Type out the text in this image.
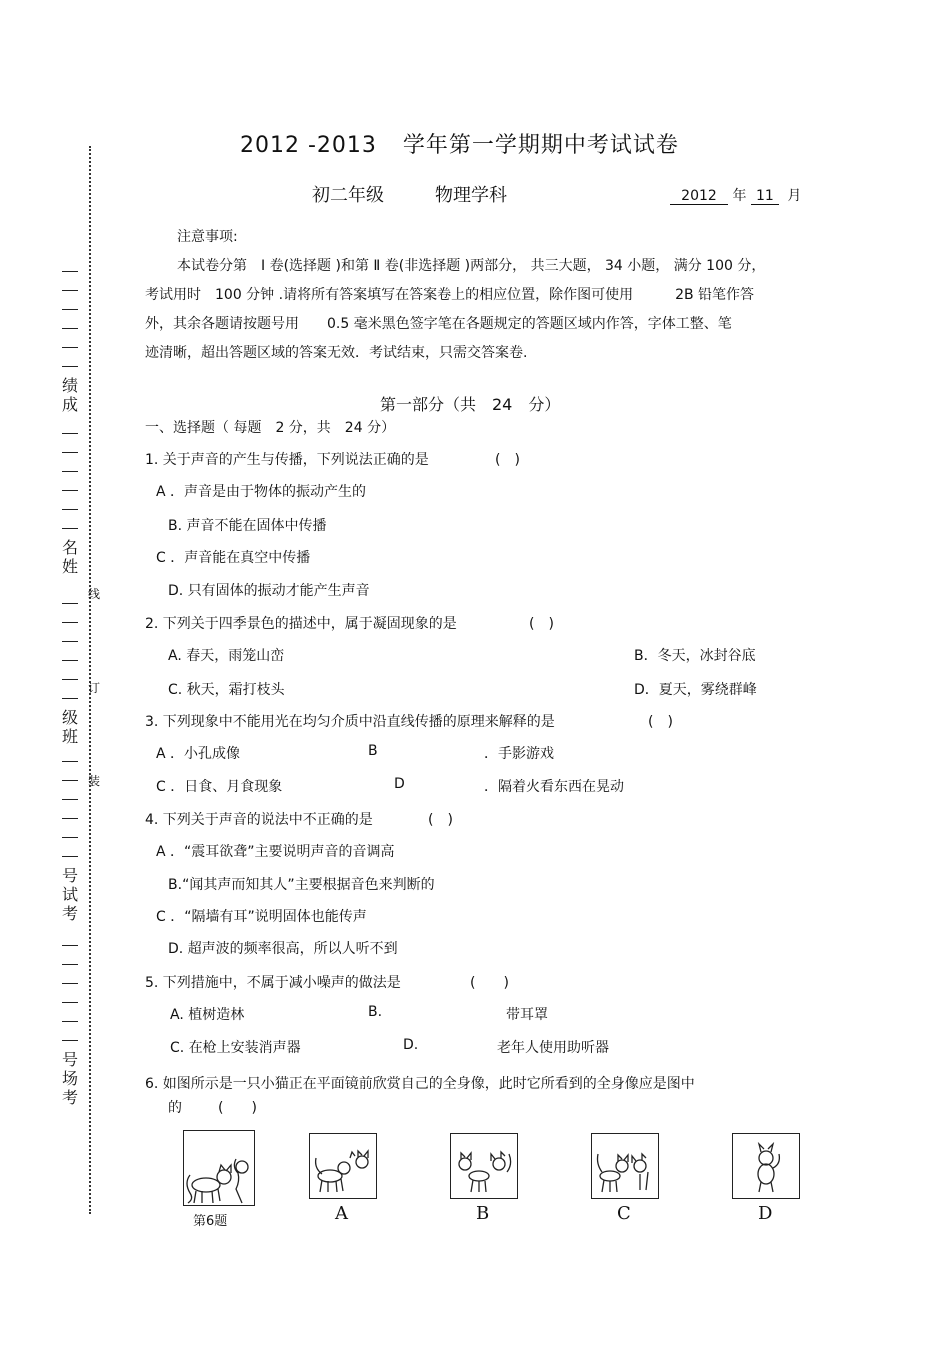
绩
成
名
姓
级
班
号
试
考
号
场
考
线
订
装
2012 -2013 学年第一学期期中考试试卷
初二年级	物理学科	2012 年 11 月
注意事项:
本试卷分第　Ⅰ 卷(选择题 )和第 Ⅱ 卷(非选择题 )两部分， 共三大题， 34 小题， 满分 100 分，
考试用时　100 分钟 .请将所有答案填写在答案卷上的相应位置，除作图可使用　　　2B 铅笔作答
外，其余各题请按题号用　　0.5 毫米黑色签字笔在各题规定的答题区域内作答，字体工整、笔
迹清晰，超出答题区域的答案无效．考试结束，只需交答案卷.
第一部分（共　24　分）
一、选择题（ 每题　2 分，共　24 分）
1. 关于声音的产生与传播，下列说法正确的是	(　)
A ．声音是由于物体的振动产生的
B. 声音不能在固体中传播
C ．声音能在真空中传播
D. 只有固体的振动才能产生声音
2. 下列关于四季景色的描述中，属于凝固现象的是	(　)
A. 春天，雨笼山峦	B．冬天，冰封谷底
C. 秋天，霜打枝头	D．夏天，雾绕群峰
3. 下列现象中不能用光在均匀介质中沿直线传播的原理来解释的是	(　)
A ．小孔成像	B	．手影游戏
C ．日食、月食现象	D	．隔着火看东西在晃动
4. 下列关于声音的说法中不正确的是	(　)
A ．“震耳欲聋”主要说明声音的音调高
B.“闻其声而知其人”主要根据音色来判断的
C ．“隔墙有耳”说明固体也能传声
D. 超声波的频率很高，所以人听不到
5. 下列措施中，不属于减小噪声的做法是	(　　)
A. 植树造林	B.	带耳罩
C. 在枪上安装消声器	D.	老年人使用助听器
6. 如图所示是一只小猫正在平面镜前欣赏自己的全身像，此时它所看到的全身像应是图中
的	(　　)
第6题	A	B	C	D
